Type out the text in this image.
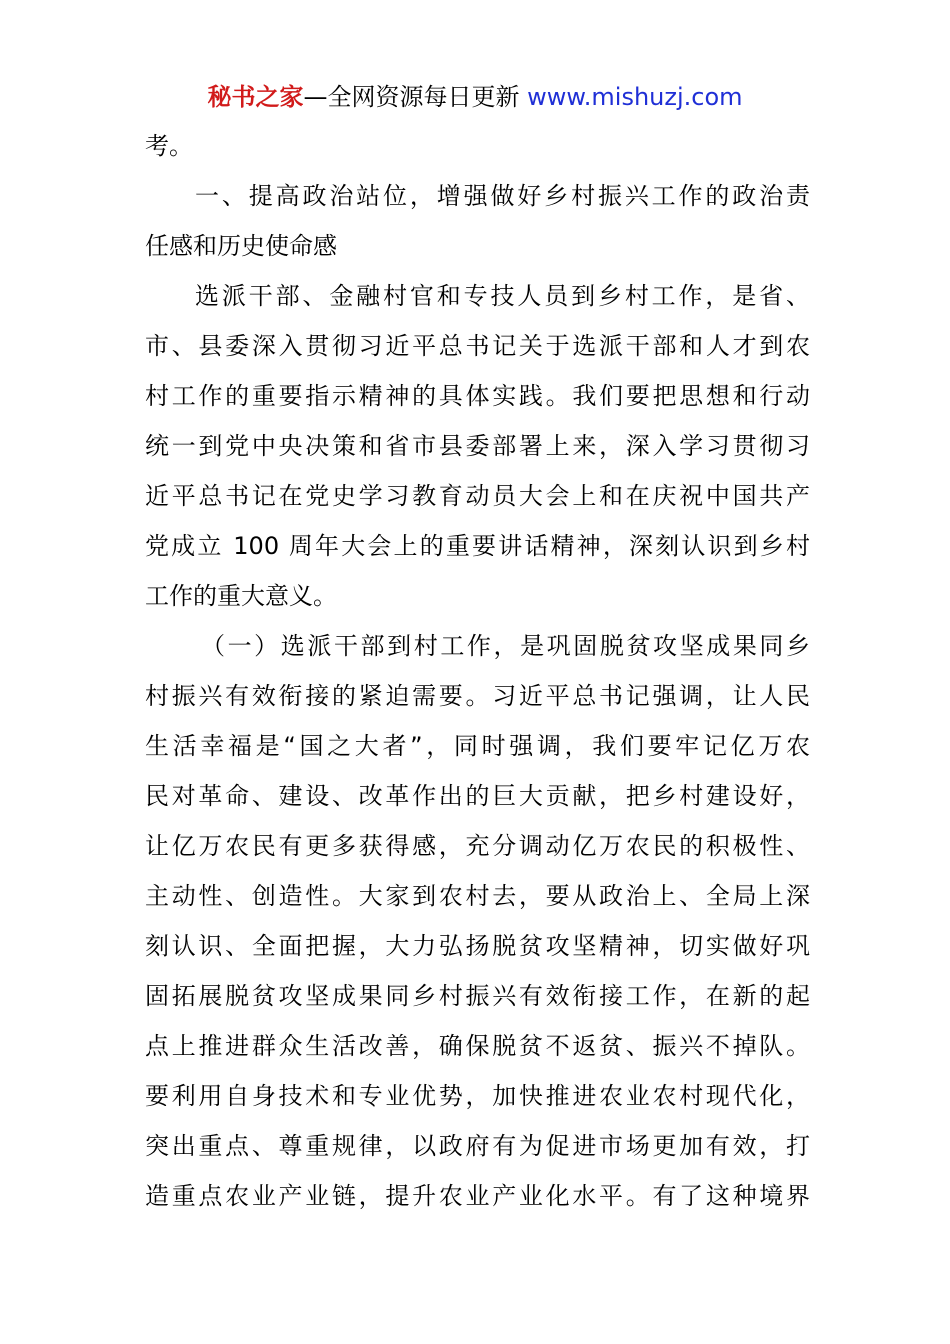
秘书之家—全网资源每日更新 www.mishuzj.com
考。
一、提高政治站位，增强做好乡村振兴工作的政治责
任感和历史使命感
选派干部、金融村官和专技人员到乡村工作，是省、
市、县委深入贯彻习近平总书记关于选派干部和人才到农
村工作的重要指示精神的具体实践。我们要把思想和行动
统一到党中央决策和省市县委部署上来，深入学习贯彻习
近平总书记在党史学习教育动员大会上和在庆祝中国共产
党成立 100 周年大会上的重要讲话精神，深刻认识到乡村
工作的重大意义。
（一）选派干部到村工作，是巩固脱贫攻坚成果同乡
村振兴有效衔接的紧迫需要。习近平总书记强调，让人民
生活幸福是“国之大者”，同时强调，我们要牢记亿万农
民对革命、建设、改革作出的巨大贡献，把乡村建设好，
让亿万农民有更多获得感，充分调动亿万农民的积极性、
主动性、创造性。大家到农村去，要从政治上、全局上深
刻认识、全面把握，大力弘扬脱贫攻坚精神，切实做好巩
固拓展脱贫攻坚成果同乡村振兴有效衔接工作，在新的起
点上推进群众生活改善，确保脱贫不返贫、振兴不掉队。
要利用自身技术和专业优势，加快推进农业农村现代化，
突出重点、尊重规律，以政府有为促进市场更加有效，打
造重点农业产业链，提升农业产业化水平。有了这种境界
